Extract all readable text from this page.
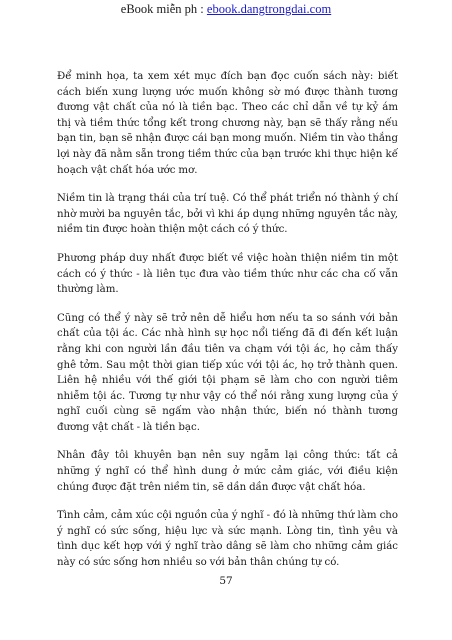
eBook miễn ph : ebook.dangtrongdai.com

Để minh họa, ta xem xét mục đích bạn đọc cuốn sách này: biết cách biến xung lượng ước muốn không sờ mó được thành tương đương vật chất của nó là tiền bạc. Theo các chỉ dẫn về tự kỷ ám thị và tiềm thức tổng kết trong chương này, bạn sẽ thấy rằng nếu bạn tin, bạn sẽ nhận được cái bạn mong muốn. Niềm tin vào thắng lợi này đã nằm sẵn trong tiềm thức của bạn trước khi thực hiện kế hoạch vật chất hóa ước mơ.

Niềm tin là trạng thái của trí tuệ. Có thể phát triển nó thành ý chí nhờ mười ba nguyên tắc, bởi vì khi áp dụng những nguyên tắc này, niềm tin được hoàn thiện một cách có ý thức.

Phương pháp duy nhất được biết về việc hoàn thiện niềm tin một cách có ý thức - là liên tục đưa vào tiềm thức như các cha cố vẫn thường làm.

Cũng có thể ý này sẽ trở nên dễ hiểu hơn nếu ta so sánh với bản chất của tội ác. Các nhà hình sự học nổi tiếng đã đi đến kết luận rằng khi con người lần đầu tiên va chạm với tội ác, họ cảm thấy ghê tởm. Sau một thời gian tiếp xúc với tội ác, họ trở thành quen. Liên hệ nhiều với thế giới tội phạm sẽ làm cho con người tiêm nhiễm tội ác. Tương tự như vậy có thể nói rằng xung lượng của ý nghĩ cuối cùng sẽ ngấm vào nhận thức, biến nó thành tương đương vật chất - là tiền bạc.

Nhân đây tôi khuyên bạn nên suy ngẫm lại công thức: tất cả những ý nghĩ có thể hình dung ở mức cảm giác, với điều kiện chúng được đặt trên niềm tin, sẽ dần dần được vật chất hóa.

Tình cảm, cảm xúc cội nguồn của ý nghĩ - đó là những thứ làm cho ý nghĩ có sức sống, hiệu lực và sức mạnh. Lòng tin, tình yêu và tình dục kết hợp với ý nghĩ trào dâng sẽ làm cho những cảm giác này có sức sống hơn nhiều so với bản thân chúng tự có.

57
